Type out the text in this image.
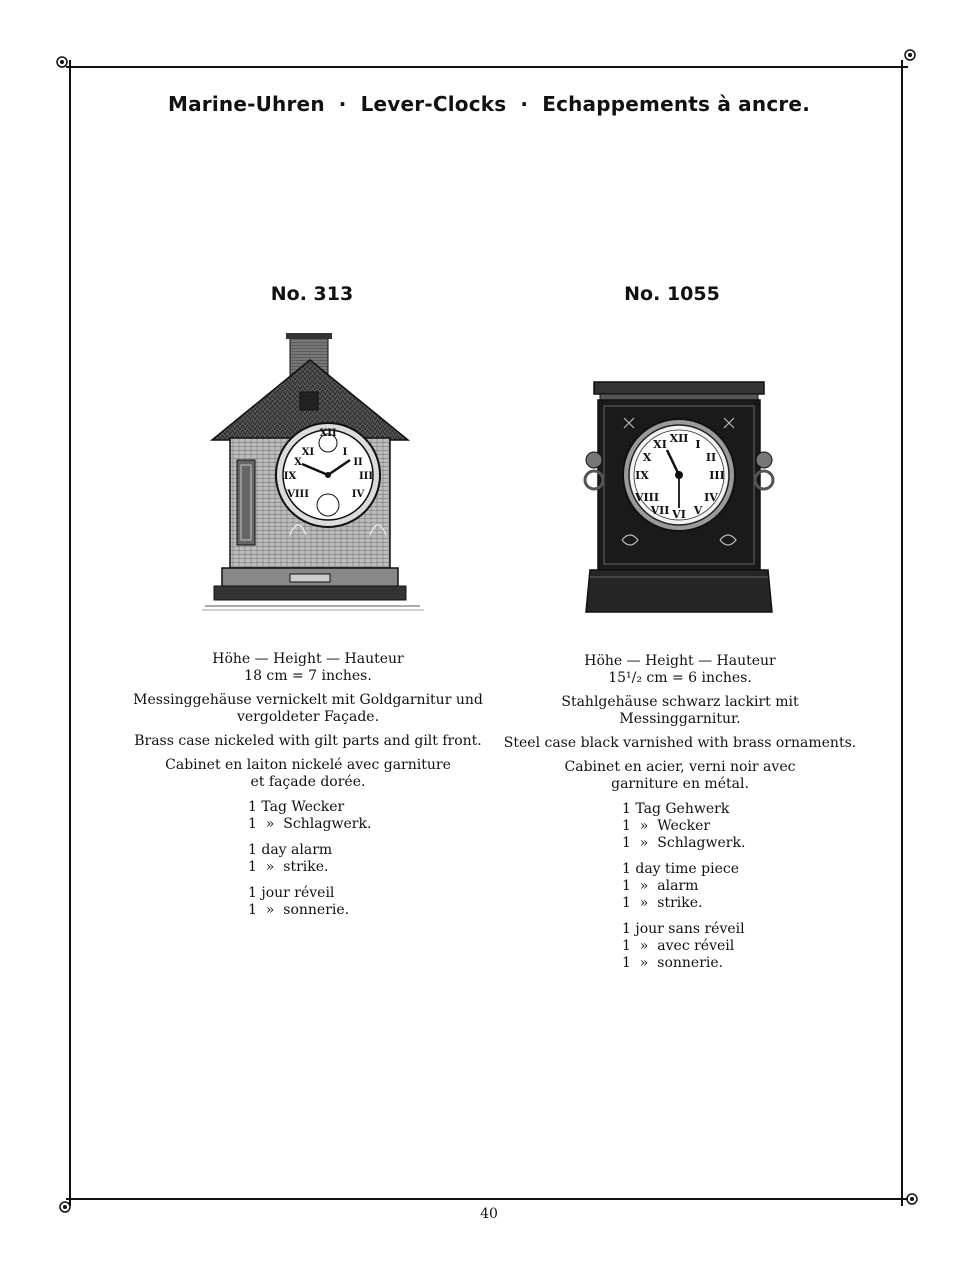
Marine-Uhren · Lever-Clocks · Echappements à ancre.
No. 313	No. 1055
XII
III
IX
I
II
X
XI
IV
VIII
XII
III
VI
IX
I
II
IV
V
VII
VIII
X
XI

Höhe — Height — Hauteur
18 cm = 7 inches.

Messinggehäuse vernickelt mit Goldgarnitur und
vergoldeter Façade.

Brass case nickeled with gilt parts and gilt front.

Cabinet en laiton nickelé avec garniture
et façade dorée.

1 Tag Wecker
1  »  Schlagwerk.

1 day alarm
1  »  strike.

1 jour réveil
1  »  sonnerie.

Höhe — Height — Hauteur
15¹/₂ cm = 6 inches.

Stahlgehäuse schwarz lackirt mit Messinggarnitur.

Steel case black varnished with brass ornaments.

Cabinet en acier, verni noir avec
garniture en métal.

1 Tag Gehwerk
1  »  Wecker
1  »  Schlagwerk.

1 day time piece
1  »  alarm
1  »  strike.

1 jour sans réveil
1  »  avec réveil
1  »  sonnerie.
40
